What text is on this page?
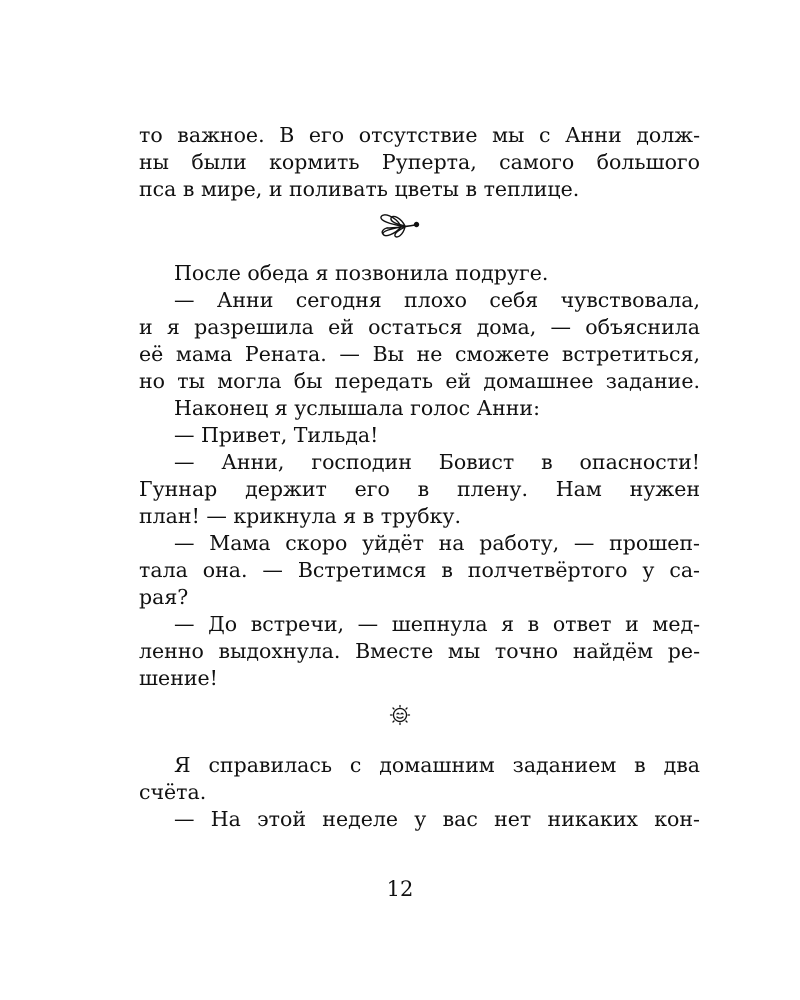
то важное. В его отсутствие мы с Анни долж-
ны были кормить Руперта, самого большого
пса в мире, и поливать цветы в теплице.
После обеда я позвонила подруге.
— Анни сегодня плохо себя чувствовала,
и я разрешила ей остаться дома, — объяснила
её мама Рената. — Вы не сможете встретиться,
но ты могла бы передать ей домашнее задание.
Наконец я услышала голос Анни:
— Привет, Тильда!
— Анни, господин Бовист в опасности!
Гуннар держит его в плену. Нам нужен
план! — крикнула я в трубку.
— Мама скоро уйдёт на работу, — прошеп-
тала она. — Встретимся в полчетвёртого у са-
рая?
— До встречи, — шепнула я в ответ и мед-
ленно выдохнула. Вместе мы точно найдём ре-
шение!
Я справилась с домашним заданием в два
счёта.
— На этой неделе у вас нет никаких кон-
12
